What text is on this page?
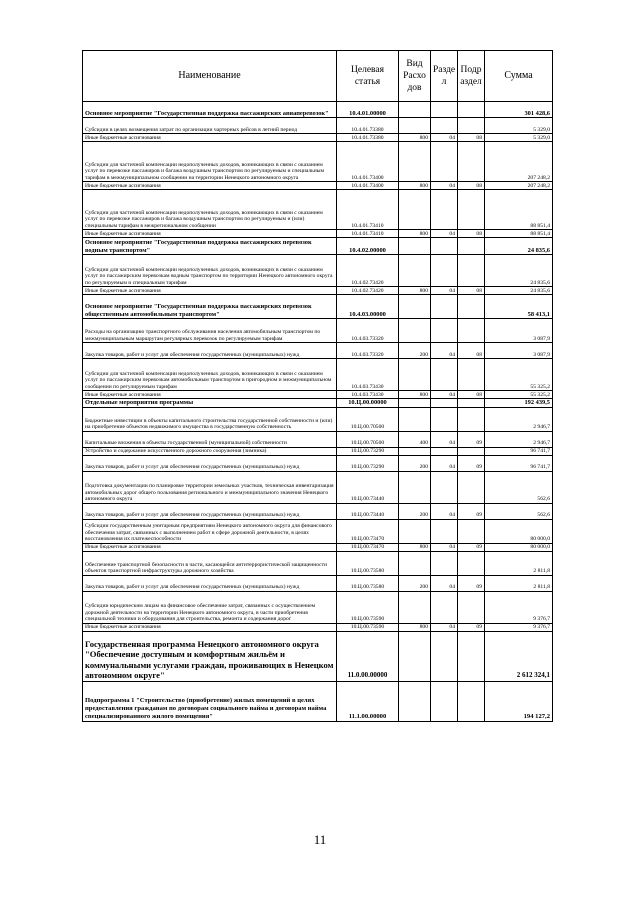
Наименование	Целевая статья	Вид Расхо дов	Разде л	Подр аздел	Сумма
Основное мероприятие "Государственная поддержка пассажирских авиаперевозок"	10.4.01.00000				301 428,6
Субсидии в целях возмещения затрат по организации чартерных рейсов в летний период	10.4.01.73380				5 329,0
Иные бюджетные ассигнования	10.4.01.73380	800	04	08	5 329,0
Субсидии для частичной компенсации недополученных доходов, возникающих в связи с оказанием услуг по перевозке пассажиров и багажа воздушным транспортом по регулируемым и специальным тарифам в межмуниципальном сообщении на территории Ненецкого автономного округа	10.4.01.73400				207 248,2
Иные бюджетные ассигнования	10.4.01.73400	800	04	08	207 248,2
Субсидии для частичной компенсации недополученных доходов, возникающих в связи с оказанием услуг по перевозке пассажиров и багажа воздушным транспортом по регулируемым и (или) специальным тарифам в межрегиональном сообщении	10.4.01.73410				88 851,4
Иные бюджетные ассигнования	10.4.01.73410	800	04	08	88 851,4
Основное мероприятие "Государственная поддержка пассажирских перевозок водным транспортом"	10.4.02.00000				24 835,6
Субсидии для частичной компенсации недополученных доходов, возникающих в связи с оказанием услуг по пассажирским перевозкам водным транспортом по территории Ненецкого автономного округа по регулируемым и специальным тарифам	10.4.02.73420				24 835,6
Иные бюджетные ассигнования	10.4.02.73420	800	04	08	24 835,6
Основное мероприятие "Государственная поддержка пассажирских перевозок общественным автомобильным транспортом"	10.4.03.00000				58 413,1
Расходы на организацию транспортного обслуживания населения автомобильным транспортом по межмуниципальным маршрутам регулярных перевозок по регулируемым тарифам	10.4.03.73320				3 087,9
Закупка товаров, работ и услуг для обеспечения государственных (муниципальных) нужд	10.4.03.73320	200	04	08	3 087,9
Субсидии для частичной компенсации недополученных доходов, возникающих в связи с оказанием услуг по пассажирским перевозкам автомобильным транспортом в пригородном и межмуниципальном сообщении по регулируемым тарифам	10.4.03.73430				55 325,2
Иные бюджетные ассигнования	10.4.03.73430	800	04	08	55 325,2
Отдельные мероприятия программы	10.Ц.00.00000				192 439,5
Бюджетные инвестиции в объекты капитального строительства государственной собственности и (или) на приобретение объектов недвижимого имущества в государственную собственность	10.Ц.00.70500				2 946,7
Капитальные вложения в объекты государственной (муниципальной) собственности	10.Ц.00.70500	400	04	09	2 946,7
Устройство и содержание искусственного дорожного сооружения (зимника)	10.Ц.00.73290				96 741,7
Закупка товаров, работ и услуг для обеспечения государственных (муниципальных) нужд	10.Ц.00.73290	200	04	09	96 741,7
Подготовка документации по планировке территории земельных участков, техническая инвентаризация автомобильных дорог общего пользования регионального и межмуниципального значения Ненецкого автономного округа	10.Ц.00.73440				562,6
Закупка товаров, работ и услуг для обеспечения государственных (муниципальных) нужд	10.Ц.00.73440	200	04	09	562,6
Субсидии государственным унитарным предприятиям Ненецкого автономного округа для финансового обеспечения затрат, связанных с выполнением работ в сфере дорожной деятельности, в целях восстановления их платежеспособности	10.Ц.00.73470				80 000,0
Иные бюджетные ассигнования	10.Ц.00.73470	800	04	09	80 000,0
Обеспечение транспортной безопасности в части, касающейся антитеррористической защищенности объектов транспортной инфраструктуры дорожного хозяйства	10.Ц.00.73580				2 811,8
Закупка товаров, работ и услуг для обеспечения государственных (муниципальных) нужд	10.Ц.00.73580	200	04	09	2 811,8
Субсидии юридическим лицам на финансовое обеспечение затрат, связанных с осуществлением дорожной деятельности на территории Ненецкого автономного округа, в части приобретения специальной техники и оборудования для строительства, ремонта и содержания дорог	10.Ц.00.73590				9 376,7
Иные бюджетные ассигнования	10.Ц.00.73590	800	04	09	9 376,7
Государственная программа Ненецкого автономного округа "Обеспечение доступным и комфортным жильём и коммунальными услугами граждан, проживающих в Ненецком автономном округе"	11.0.00.00000				2 612 324,1
Подпрограмма 1 "Строительство (приобретение) жилых помещений в целях предоставления гражданам по договорам социального найма и договорам найма специализированного жилого помещения"	11.1.00.00000				194 127,2
11
